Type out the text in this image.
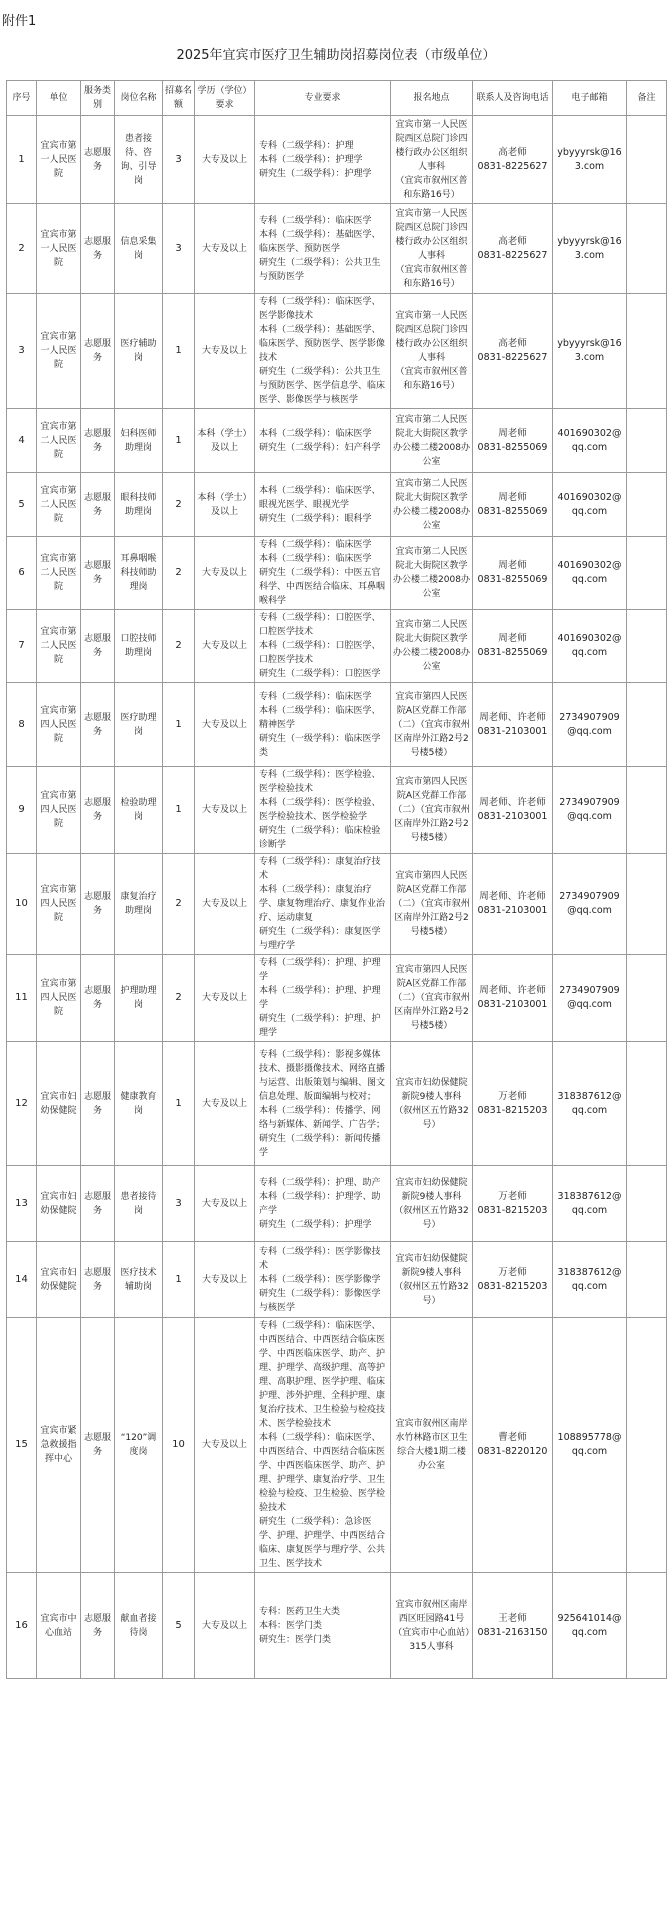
附件1
2025年宜宾市医疗卫生辅助岗招募岗位表（市级单位）
序号	单位	服务类别	岗位名称	招募名额	学历（学位）要求	专业要求	报名地点	联系人及咨询电话	电子邮箱	备注
1	宜宾市第一人民医院	志愿服务	患者接待、咨询、引导岗	3	大专及以上	专科（二级学科）：护理
本科（二级学科）：护理学
研究生（二级学科）：护理学	宜宾市第一人民医院西区总院门诊四楼行政办公区组织人事科
（宜宾市叙州区普和东路16号）	高老师
0831-8225627	ybyyyrsk@163.com	
2	宜宾市第一人民医院	志愿服务	信息采集岗	3	大专及以上	专科（二级学科）：临床医学
本科（二级学科）：基础医学、临床医学、预防医学
研究生（二级学科）：公共卫生与预防医学	宜宾市第一人民医院西区总院门诊四楼行政办公区组织人事科
（宜宾市叙州区普和东路16号）	高老师
0831-8225627	ybyyyrsk@163.com	
3	宜宾市第一人民医院	志愿服务	医疗辅助岗	1	大专及以上	专科（二级学科）：临床医学、医学影像技术
本科（二级学科）：基础医学、临床医学、预防医学、医学影像技术
研究生（二级学科）：公共卫生与预防医学、医学信息学、临床医学、影像医学与核医学	宜宾市第一人民医院西区总院门诊四楼行政办公区组织人事科
（宜宾市叙州区普和东路16号）	高老师
0831-8225627	ybyyyrsk@163.com	
4	宜宾市第二人民医院	志愿服务	妇科医师助理岗	1	本科（学士）及以上	本科（二级学科）：临床医学
研究生（二级学科）：妇产科学	宜宾市第二人民医院北大街院区教学办公楼二楼2008办公室	周老师
0831-8255069	401690302@qq.com	
5	宜宾市第二人民医院	志愿服务	眼科技师助理岗	2	本科（学士）及以上	本科（二级学科）：临床医学、眼视光医学、眼视光学
研究生（二级学科）：眼科学	宜宾市第二人民医院北大街院区教学办公楼二楼2008办公室	周老师
0831-8255069	401690302@qq.com	
6	宜宾市第二人民医院	志愿服务	耳鼻咽喉科技师助理岗	2	大专及以上	专科（二级学科）：临床医学
本科（二级学科）：临床医学
研究生（二级学科）：中医五官科学、中西医结合临床、耳鼻咽喉科学	宜宾市第二人民医院北大街院区教学办公楼二楼2008办公室	周老师
0831-8255069	401690302@qq.com	
7	宜宾市第二人民医院	志愿服务	口腔技师助理岗	2	大专及以上	专科（二级学科）：口腔医学、口腔医学技术
本科（二级学科）：口腔医学、口腔医学技术
研究生（二级学科）：口腔医学	宜宾市第二人民医院北大街院区教学办公楼二楼2008办公室	周老师
0831-8255069	401690302@qq.com	
8	宜宾市第四人民医院	志愿服务	医疗助理岗	1	大专及以上	专科（二级学科）：临床医学
本科（二级学科）：临床医学、精神医学
研究生（一级学科）：临床医学类	宜宾市第四人民医院A区党群工作部（二）（宜宾市叙州区南岸外江路2号2号楼5楼）	周老师、许老师
0831-2103001	2734907909@qq.com	
9	宜宾市第四人民医院	志愿服务	检验助理岗	1	大专及以上	专科（二级学科）：医学检验、医学检验技术
本科（二级学科）：医学检验、医学检验技术、医学检验学
研究生（二级学科）：临床检验诊断学	宜宾市第四人民医院A区党群工作部（二）（宜宾市叙州区南岸外江路2号2号楼5楼）	周老师、许老师
0831-2103001	2734907909@qq.com	
10	宜宾市第四人民医院	志愿服务	康复治疗助理岗	2	大专及以上	专科（二级学科）：康复治疗技术
本科（二级学科）：康复治疗学、康复物理治疗、康复作业治疗、运动康复
研究生（二级学科）：康复医学与理疗学	宜宾市第四人民医院A区党群工作部（二）（宜宾市叙州区南岸外江路2号2号楼5楼）	周老师、许老师
0831-2103001	2734907909@qq.com	
11	宜宾市第四人民医院	志愿服务	护理助理岗	2	大专及以上	专科（二级学科）：护理、护理学
本科（二级学科）：护理、护理学
研究生（二级学科）：护理、护理学	宜宾市第四人民医院A区党群工作部（二）（宜宾市叙州区南岸外江路2号2号楼5楼）	周老师、许老师
0831-2103001	2734907909@qq.com	
12	宜宾市妇幼保健院	志愿服务	健康教育岗	1	大专及以上	专科（二级学科）：影视多媒体技术、摄影摄像技术、网络直播与运营、出版策划与编辑、图文信息处理、版面编辑与校对；
本科（二级学科）：传播学、网络与新媒体、新闻学、广告学；
研究生（二级学科）：新闻传播学	宜宾市妇幼保健院新院9楼人事科（叙州区五竹路32号）	万老师
0831-8215203	318387612@qq.com	
13	宜宾市妇幼保健院	志愿服务	患者接待岗	3	大专及以上	专科（二级学科）：护理、助产
本科（二级学科）：护理学、助产学
研究生（二级学科）：护理学	宜宾市妇幼保健院新院9楼人事科（叙州区五竹路32号）	万老师
0831-8215203	318387612@qq.com	
14	宜宾市妇幼保健院	志愿服务	医疗技术辅助岗	1	大专及以上	专科（二级学科）：医学影像技术
本科（二级学科）：医学影像学
研究生（二级学科）：影像医学与核医学	宜宾市妇幼保健院新院9楼人事科（叙州区五竹路32号）	万老师
0831-8215203	318387612@qq.com	
15	宜宾市紧急救援指挥中心	志愿服务	“120”调度岗	10	大专及以上	专科（二级学科）：临床医学、中西医结合、中西医结合临床医学、中西医临床医学、助产、护理、护理学、高级护理、高等护理、高职护理、医学护理、临床护理、涉外护理、全科护理、康复治疗技术、卫生检验与检疫技术、医学检验技术
本科（二级学科）：临床医学、中西医结合、中西医结合临床医学、中西医临床医学、助产、护理、护理学、康复治疗学、卫生检验与检疫、卫生检验、医学检验技术
研究生（二级学科）：急诊医学、护理、护理学、中西医结合临床、康复医学与理疗学、公共卫生、医学技术	宜宾市叙州区南岸水竹林路市区卫生综合大楼1期二楼办公室	曹老师
0831-8220120	108895778@qq.com	
16	宜宾市中心血站	志愿服务	献血者接待岗	5	大专及以上	专科：医药卫生大类
本科：医学门类
研究生：医学门类	宜宾市叙州区南岸西区旺园路41号（宜宾市中心血站）315人事科	王老师
0831-2163150	925641014@qq.com	
